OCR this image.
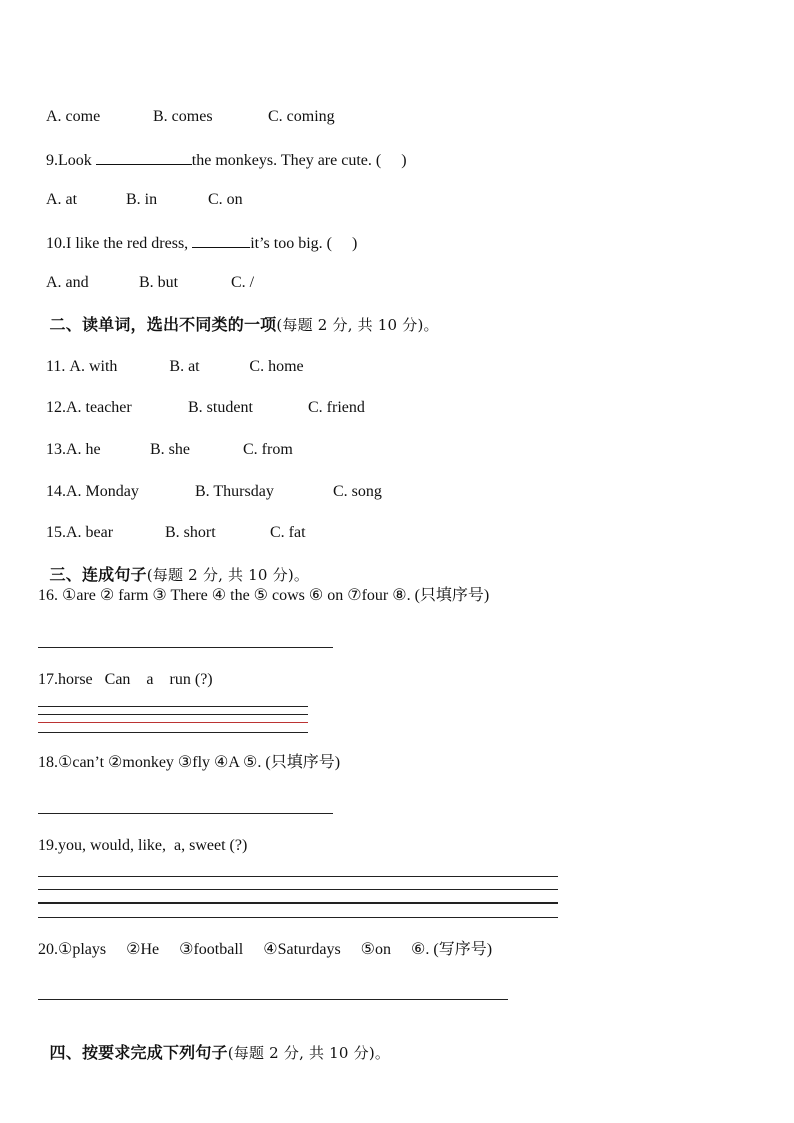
A. come	B. comes	C. coming

9.Look	the monkeys. They are cute. (     )

A. at	B. in	C. on

10.I like the red dress,	it’s too big. (     )

A. and	B. but	C. /

二、读单词，选出不同类的一项(每题 2 分, 共 10 分)。

11. A. with	B. at	C. home

12.A. teacher	B. student	C. friend

13.A. he	B. she	C. from

14.A. Monday	B. Thursday	C. song

15.A. bear	B. short	C. fat

三、连成句子(每题 2 分, 共 10 分)。

16. ①are ② farm ③ There ④ the ⑤ cows ⑥ on ⑦four ⑧. (只填序号)
17.horse   Can    a    run (?)
18.①can’t ②monkey ③fly ④A ⑤. (只填序号)
19.you, would, like,  a, sweet (?)
20.①plays     ②He     ③football     ④Saturdays     ⑤on     ⑥. (写序号)

四、按要求完成下列句子(每题 2 分, 共 10 分)。
